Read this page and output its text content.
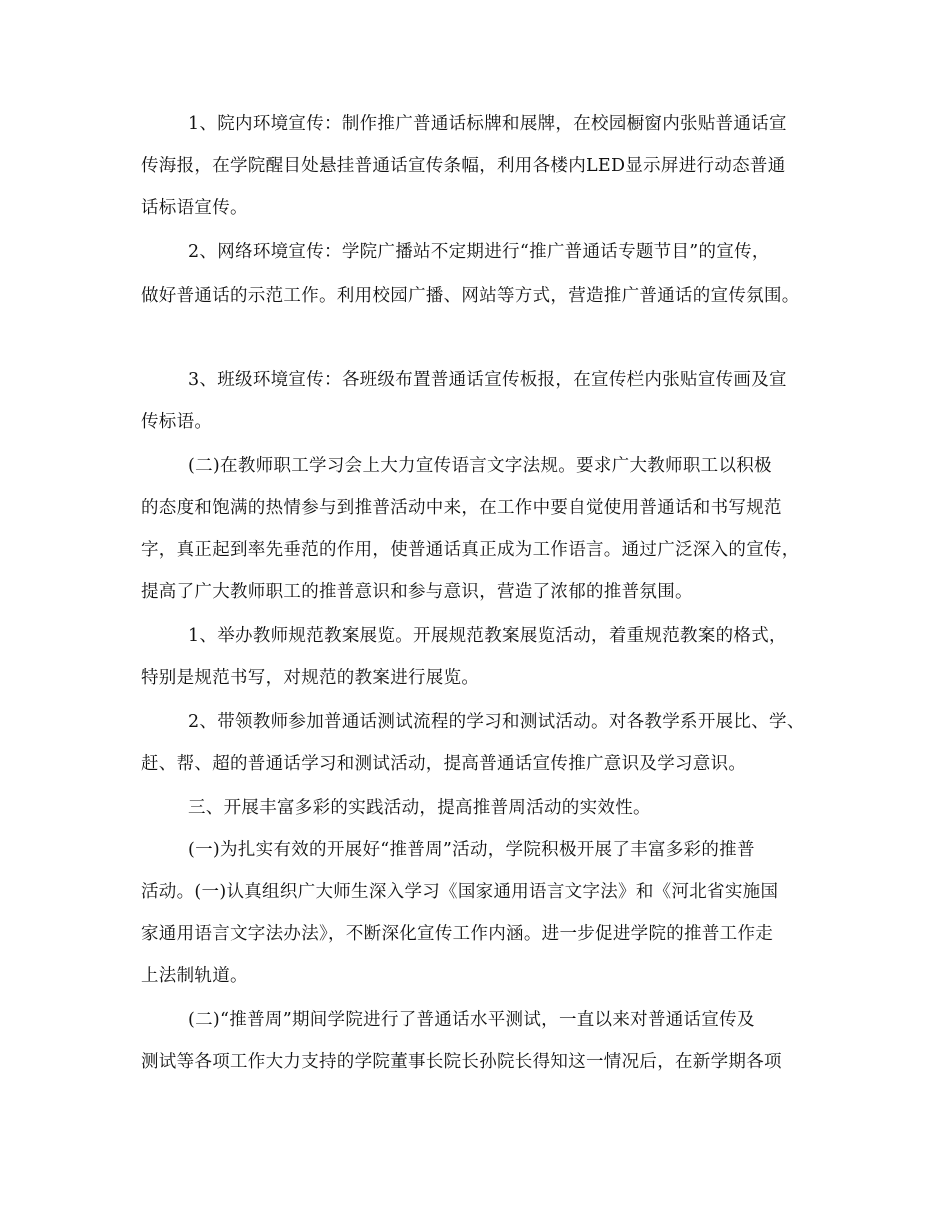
1、院内环境宣传：制作推广普通话标牌和展牌，在校园橱窗内张贴普通话宣
传海报，在学院醒目处悬挂普通话宣传条幅，利用各楼内LED显示屏进行动态普通
话标语宣传。
2、网络环境宣传：学院广播站不定期进行“推广普通话专题节目”的宣传，
做好普通话的示范工作。利用校园广播、网站等方式，营造推广普通话的宣传氛围。
3、班级环境宣传：各班级布置普通话宣传板报，在宣传栏内张贴宣传画及宣
传标语。
(二)在教师职工学习会上大力宣传语言文字法规。要求广大教师职工以积极
的态度和饱满的热情参与到推普活动中来，在工作中要自觉使用普通话和书写规范
字，真正起到率先垂范的作用，使普通话真正成为工作语言。通过广泛深入的宣传，
提高了广大教师职工的推普意识和参与意识，营造了浓郁的推普氛围。
1、举办教师规范教案展览。开展规范教案展览活动，着重规范教案的格式，
特别是规范书写，对规范的教案进行展览。
2、带领教师参加普通话测试流程的学习和测试活动。对各教学系开展比、学、
赶、帮、超的普通话学习和测试活动，提高普通话宣传推广意识及学习意识。
三、开展丰富多彩的实践活动，提高推普周活动的实效性。
(一)为扎实有效的开展好“推普周”活动，学院积极开展了丰富多彩的推普
活动。(一)认真组织广大师生深入学习《国家通用语言文字法》和《河北省实施国
家通用语言文字法办法》，不断深化宣传工作内涵。进一步促进学院的推普工作走
上法制轨道。
(二)“推普周”期间学院进行了普通话水平测试，一直以来对普通话宣传及
测试等各项工作大力支持的学院董事长院长孙院长得知这一情况后，在新学期各项
